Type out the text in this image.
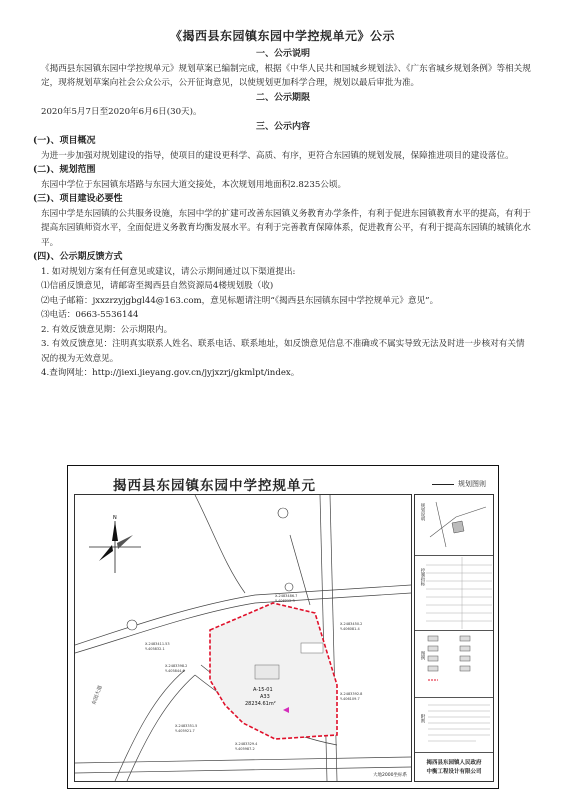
《揭西县东园镇东园中学控规单元》公示

一、公示说明

《揭西县东园镇东园中学控规单元》规划草案已编制完成，根据《中华人民共和国城乡规划法》、《广东省城乡规划条例》等相关规定，现将规划草案向社会公众公示，公开征询意见，以使规划更加科学合理，规划以最后审批为准。

二、公示期限

2020年5月7日至2020年6月6日(30天)。

三、公示内容

(一)、项目概况

为进一步加强对规划建设的指导，使项目的建设更科学、高质、有序，更符合东园镇的规划发展，保障推进项目的建设落位。

(二)、规划范围

东园中学位于东园镇东塔路与东园大道交接处，本次规划用地面积2.8235公顷。

(三)、项目建设必要性

东园中学是东园镇的公共服务设施，东园中学的扩建可改善东园镇义务教育办学条件，有利于促进东园镇教育水平的提高，有利于提高东园镇师资水平，全面促进义务教育均衡发展水平。有利于完善教育保障体系，促进教育公平，有利于提高东园镇的城镇化水平。

(四)、公示期反馈方式

1. 如对规划方案有任何意见或建议，请公示期间通过以下渠道提出:

⑴信函反馈意见，请邮寄至揭西县自然资源局4楼规划股（收)

⑵电子邮箱：jxxzrzyjgbgl44@163.com，意见标题请注明“《揭西县东园镇东园中学控规单元》意见”。

⑶电话：0663-5536144

2. 有效反馈意见期：公示期限内。

3. 有效反馈意见：注明真实联系人姓名、联系电话、联系地址，如反馈意见信息不准确或不属实导致无法及时进一步核对有关情况的视为无效意见。

4.查询网址：http://jiexi.jieyang.gov.cn/jyjxzrj/gkmlpt/index。

揭西县东园镇东园中学控规单元	规划图则
N
A-15-01
A33
28234.61m²
东园大道
X-2483411.53
Y-405832.1
X-2483398.2
Y-405844.6
X-2483486.7
Y-406012.3
X-2483450.2
Y-406081.4
X-2483392.8
Y-406109.7
X-2483351.5
Y-405921.7
X-2483329.4
Y-405987.2
大地2000坐标系
规划说明
控制指标
图例
附则
揭西县东园镇人民政府
中衡工程设计有限公司
